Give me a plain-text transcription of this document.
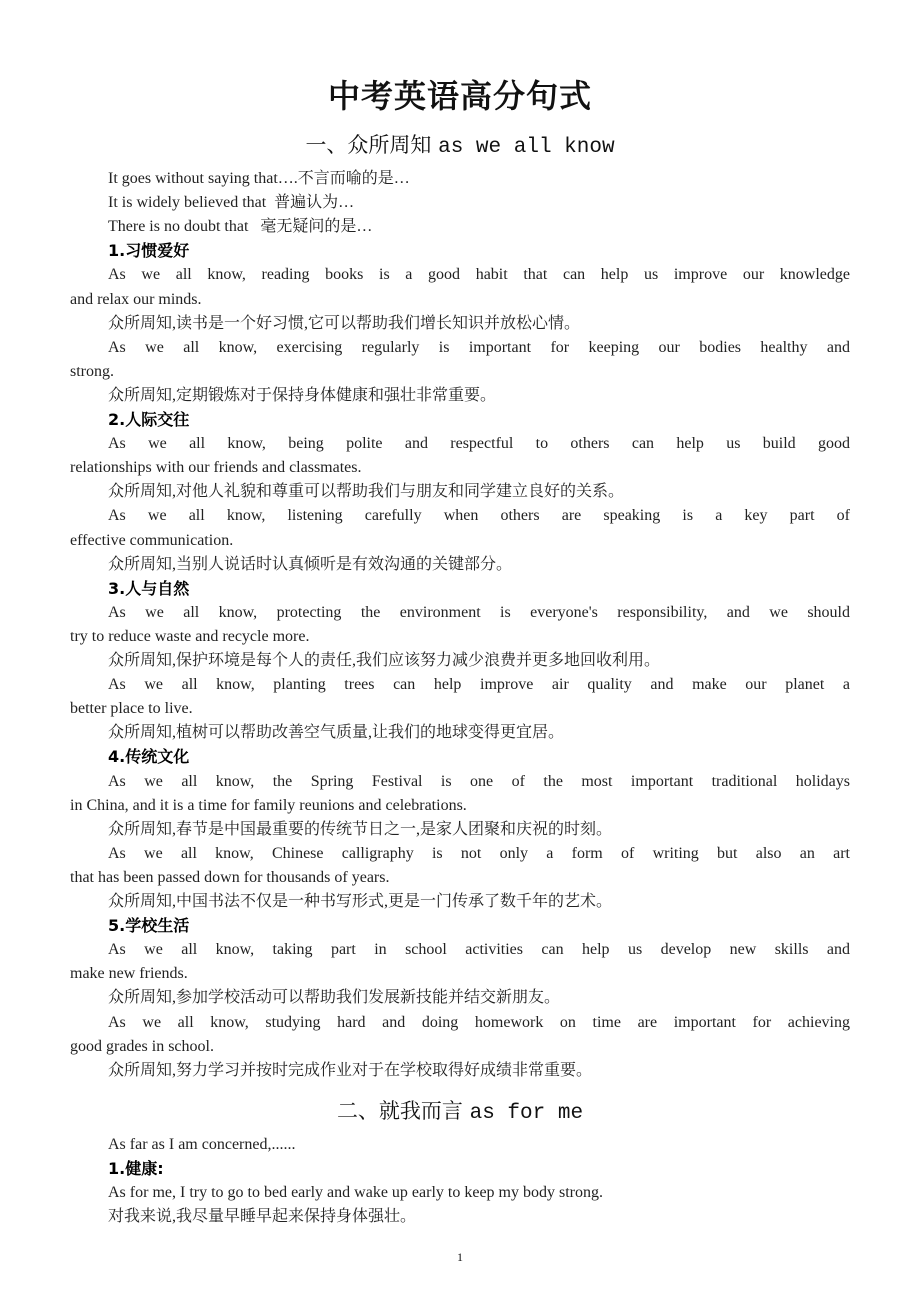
中考英语高分句式
一、众所周知 as we all know
It goes without saying that….不言而喻的是…
It is widely believed that  普遍认为…
There is no doubt that   毫无疑问的是…
1.习惯爱好
As we all know, reading books is a good habit that can help us improve our knowledge
and relax our minds.
众所周知,读书是一个好习惯,它可以帮助我们增长知识并放松心情。
As we all know, exercising regularly is important for keeping our bodies healthy and
strong.
众所周知,定期锻炼对于保持身体健康和强壮非常重要。
2.人际交往
As we all know, being polite and respectful to others can help us build good
relationships with our friends and classmates.
众所周知,对他人礼貌和尊重可以帮助我们与朋友和同学建立良好的关系。
As we all know, listening carefully when others are speaking is a key part of
effective communication.
众所周知,当别人说话时认真倾听是有效沟通的关键部分。
3.人与自然
As we all know, protecting the environment is everyone's responsibility, and we should
try to reduce waste and recycle more.
众所周知,保护环境是每个人的责任,我们应该努力减少浪费并更多地回收利用。
As we all know, planting trees can help improve air quality and make our planet a
better place to live.
众所周知,植树可以帮助改善空气质量,让我们的地球变得更宜居。
4.传统文化
As we all know, the Spring Festival is one of the most important traditional holidays
in China, and it is a time for family reunions and celebrations.
众所周知,春节是中国最重要的传统节日之一,是家人团聚和庆祝的时刻。
As we all know, Chinese calligraphy is not only a form of writing but also an art
that has been passed down for thousands of years.
众所周知,中国书法不仅是一种书写形式,更是一门传承了数千年的艺术。
5.学校生活
As we all know, taking part in school activities can help us develop new skills and
make new friends.
众所周知,参加学校活动可以帮助我们发展新技能并结交新朋友。
As we all know, studying hard and doing homework on time are important for achieving
good grades in school.
众所周知,努力学习并按时完成作业对于在学校取得好成绩非常重要。
二、就我而言 as for me
As far as I am concerned,......
1.健康:
As for me, I try to go to bed early and wake up early to keep my body strong.
对我来说,我尽量早睡早起来保持身体强壮。
1
